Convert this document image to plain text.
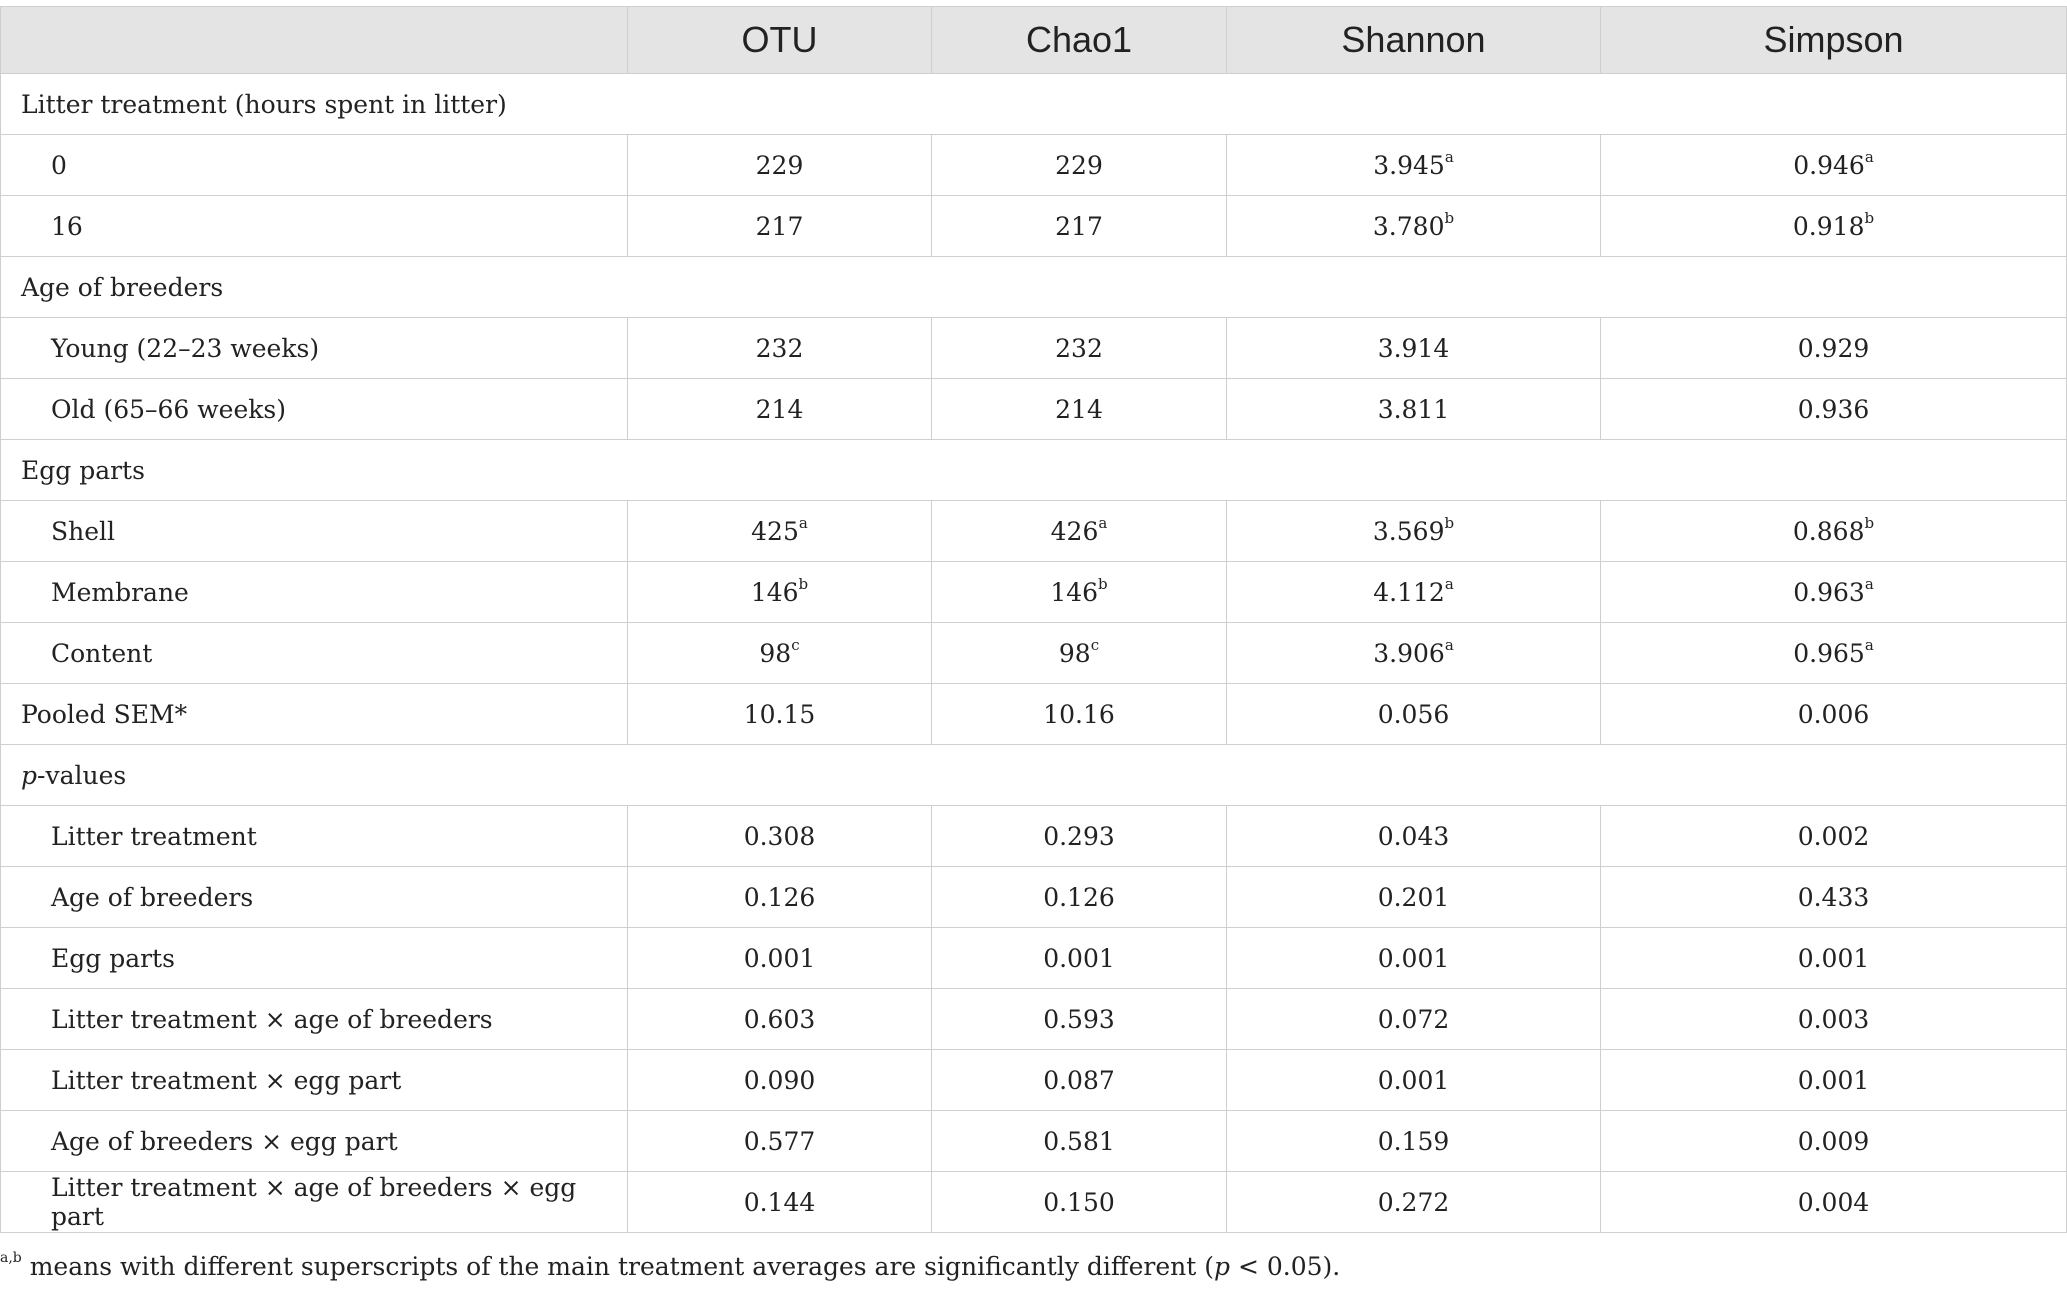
	OTU	Chao1	Shannon	Simpson
Litter treatment (hours spent in litter)				
0	229	229	3.945$^a$	0.946$^a$
16	217	217	3.780$^b$	0.918$^b$
Age of breeders				
Young (22–23 weeks)	232	232	3.914	0.929
Old (65–66 weeks)	214	214	3.811	0.936
Egg parts				
Shell	425$^a$	426$^a$	3.569$^b$	0.868$^b$
Membrane	146$^b$	146$^b$	4.112$^a$	0.963$^a$
Content	98$^c$	98$^c$	3.906$^a$	0.965$^a$
Pooled SEM*	10.15	10.16	0.056	0.006
p-values				
Litter treatment	0.308	0.293	0.043	0.002
Age of breeders	0.126	0.126	0.201	0.433
Egg parts	0.001	0.001	0.001	0.001
Litter treatment × age of breeders	0.603	0.593	0.072	0.003
Litter treatment × egg part	0.090	0.087	0.001	0.001
Age of breeders × egg part	0.577	0.581	0.159	0.009
Litter treatment × age of breeders × egg part	0.144	0.150	0.272	0.004
$^{a,b}$ means with different superscripts of the main treatment averages are significantly different (p < 0.05).
